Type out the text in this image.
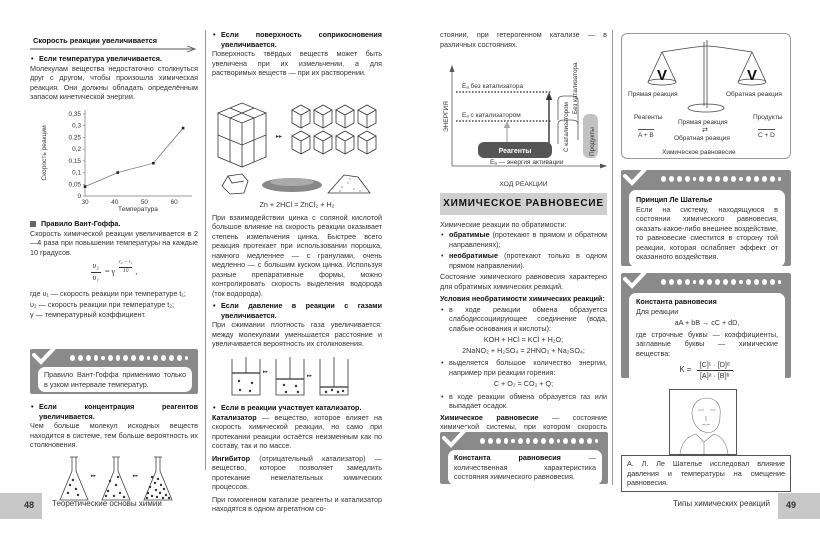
Скорость реакции увеличивается
• Если температура увеличивается.
Молекулам вещества недостаточно столкнуться друг с другом, чтобы произошла химическая реакция. Они должны обладать определённым запасом кинетической энергии.
0
0,05
0,1
0,15
0,2
0,25
0,3
0,35
30	40	50	60
Скорость реакции
Температура
Правило Вант-Гоффа.
Скорость химической реакции увеличивается в 2—4 раза при повышении температуры на каждые 10 градусов.
$\frac{\text{υ₂}}{\text{υ₁}} = \gamma$
t₂ − t₁
10 ,
где υ₁ — скорость реакции при температуре t₁;
υ₂ — скорость реакции при температуре t₂;
γ — температурный коэффициент.
Правило Вант-Гоффа применимо только в узком интервале температур.
• Если концентрация реагентов увеличивается.
Чем больше молекул исходных веществ находится в системе, тем больше вероятность их столкновения.
▸▸	▸▸
• Если поверхность соприкосновения увеличивается.
Поверхность твёрдых веществ может быть увеличена при их измельчении, а для растворимых веществ — при их растворении.
▸▸
Zn + 2HCl = ZnCl₂ + H₂
При взаимодействии цинка с соляной кислотой большое влияние на скорость реакции оказывает степень измельчения цинка. Быстрее всего реакция протекает при использовании порошка, намного медленнее — с гранулами, очень медленно — с большим куском цинка. Используя разные препаративные формы, можно контролировать скорость выделения водорода (ток водорода).
• Если давление в реакции с газами увеличивается.
При сжимании плотность газа увеличивается: между молекулами уменьшается расстояние и увеличивается вероятность их столкновения.
▸▸
▸▸
• Если в реакции участвует катализатор.
Катализатор — вещество, которое влияет на скорость химической реакции, но само при протекании реакции остаётся неизменным как по составу, так и по массе.
Ингибитор (отрицательный катализатор) — вещество, которое позволяет замедлить протекание нежелательных химических процессов.
При гомогенном катализе реагенты и катализатор находятся в одном агрегатном со-
стоянии, при гетерогенном катализе — в различных состояниях.
Реагенты	Продукты
Eₐ без катализатора
Eₐ с катализатором
Eₐ — энергия активации
ЭНЕРГИЯ	С катализатором
Без катализатора
ХОД РЕАКЦИИ
ХИМИЧЕСКОЕ РАВНОВЕСИЕ
Химические реакции по обратимости:
• обратимые (протекают в прямом и обратном направлениях);
• необратимые (протекают только в одном прямом направлении).
Состояние химического равновесия характерно для обратимых химических реакций.
Условия необратимости химических реакций:
• в ходе реакции обмена образуется слабодиссоциирующее соединение (вода, слабые основания и кислоты):
KOH + HCl = KCl + H₂O;
2NaNO₂ + H₂SO₄ = 2HNO₂ + Na₂SO₄;
• выделяется большое количество энергии, например при реакции горения:
C + O₂ = CO₂ + Q;
• в ходе реакции обмена образуется газ или выпадает осадок.
Химическое равновесие — состояние химической системы, при котором скорость
Константа равновесия — количественная характеристика состояния химического равновесия.
V	V
Прямая реакция	Обратная реакция
Реагенты
A + B
Продукты
C + D
Прямая реакция
⇄
Обратная реакция
Химическое равновесие
Принцип Ле Шателье
Если на систему, находящуюся в состоянии химического равновесия, оказать какое-либо внешнее воздействие, то равновесие сместится в сторону той реакции, которая ослабляет эффект от оказанного воздействия.
Константа равновесия
Для реакции
aA + bB → cC + dD,
где строчные буквы — коэффициенты, заглавные буквы — химические вещества:
$K = \frac{\text{[C]ᶜ · [D]ᵈ}}{\text{[A]ᵃ · [B]ᵇ}}$ .
А. Л. Ле Шателье исследовал влияние давления и температуры на смещение равновесия.
48 Теоретические основы химии	Типы химических реакций 49
